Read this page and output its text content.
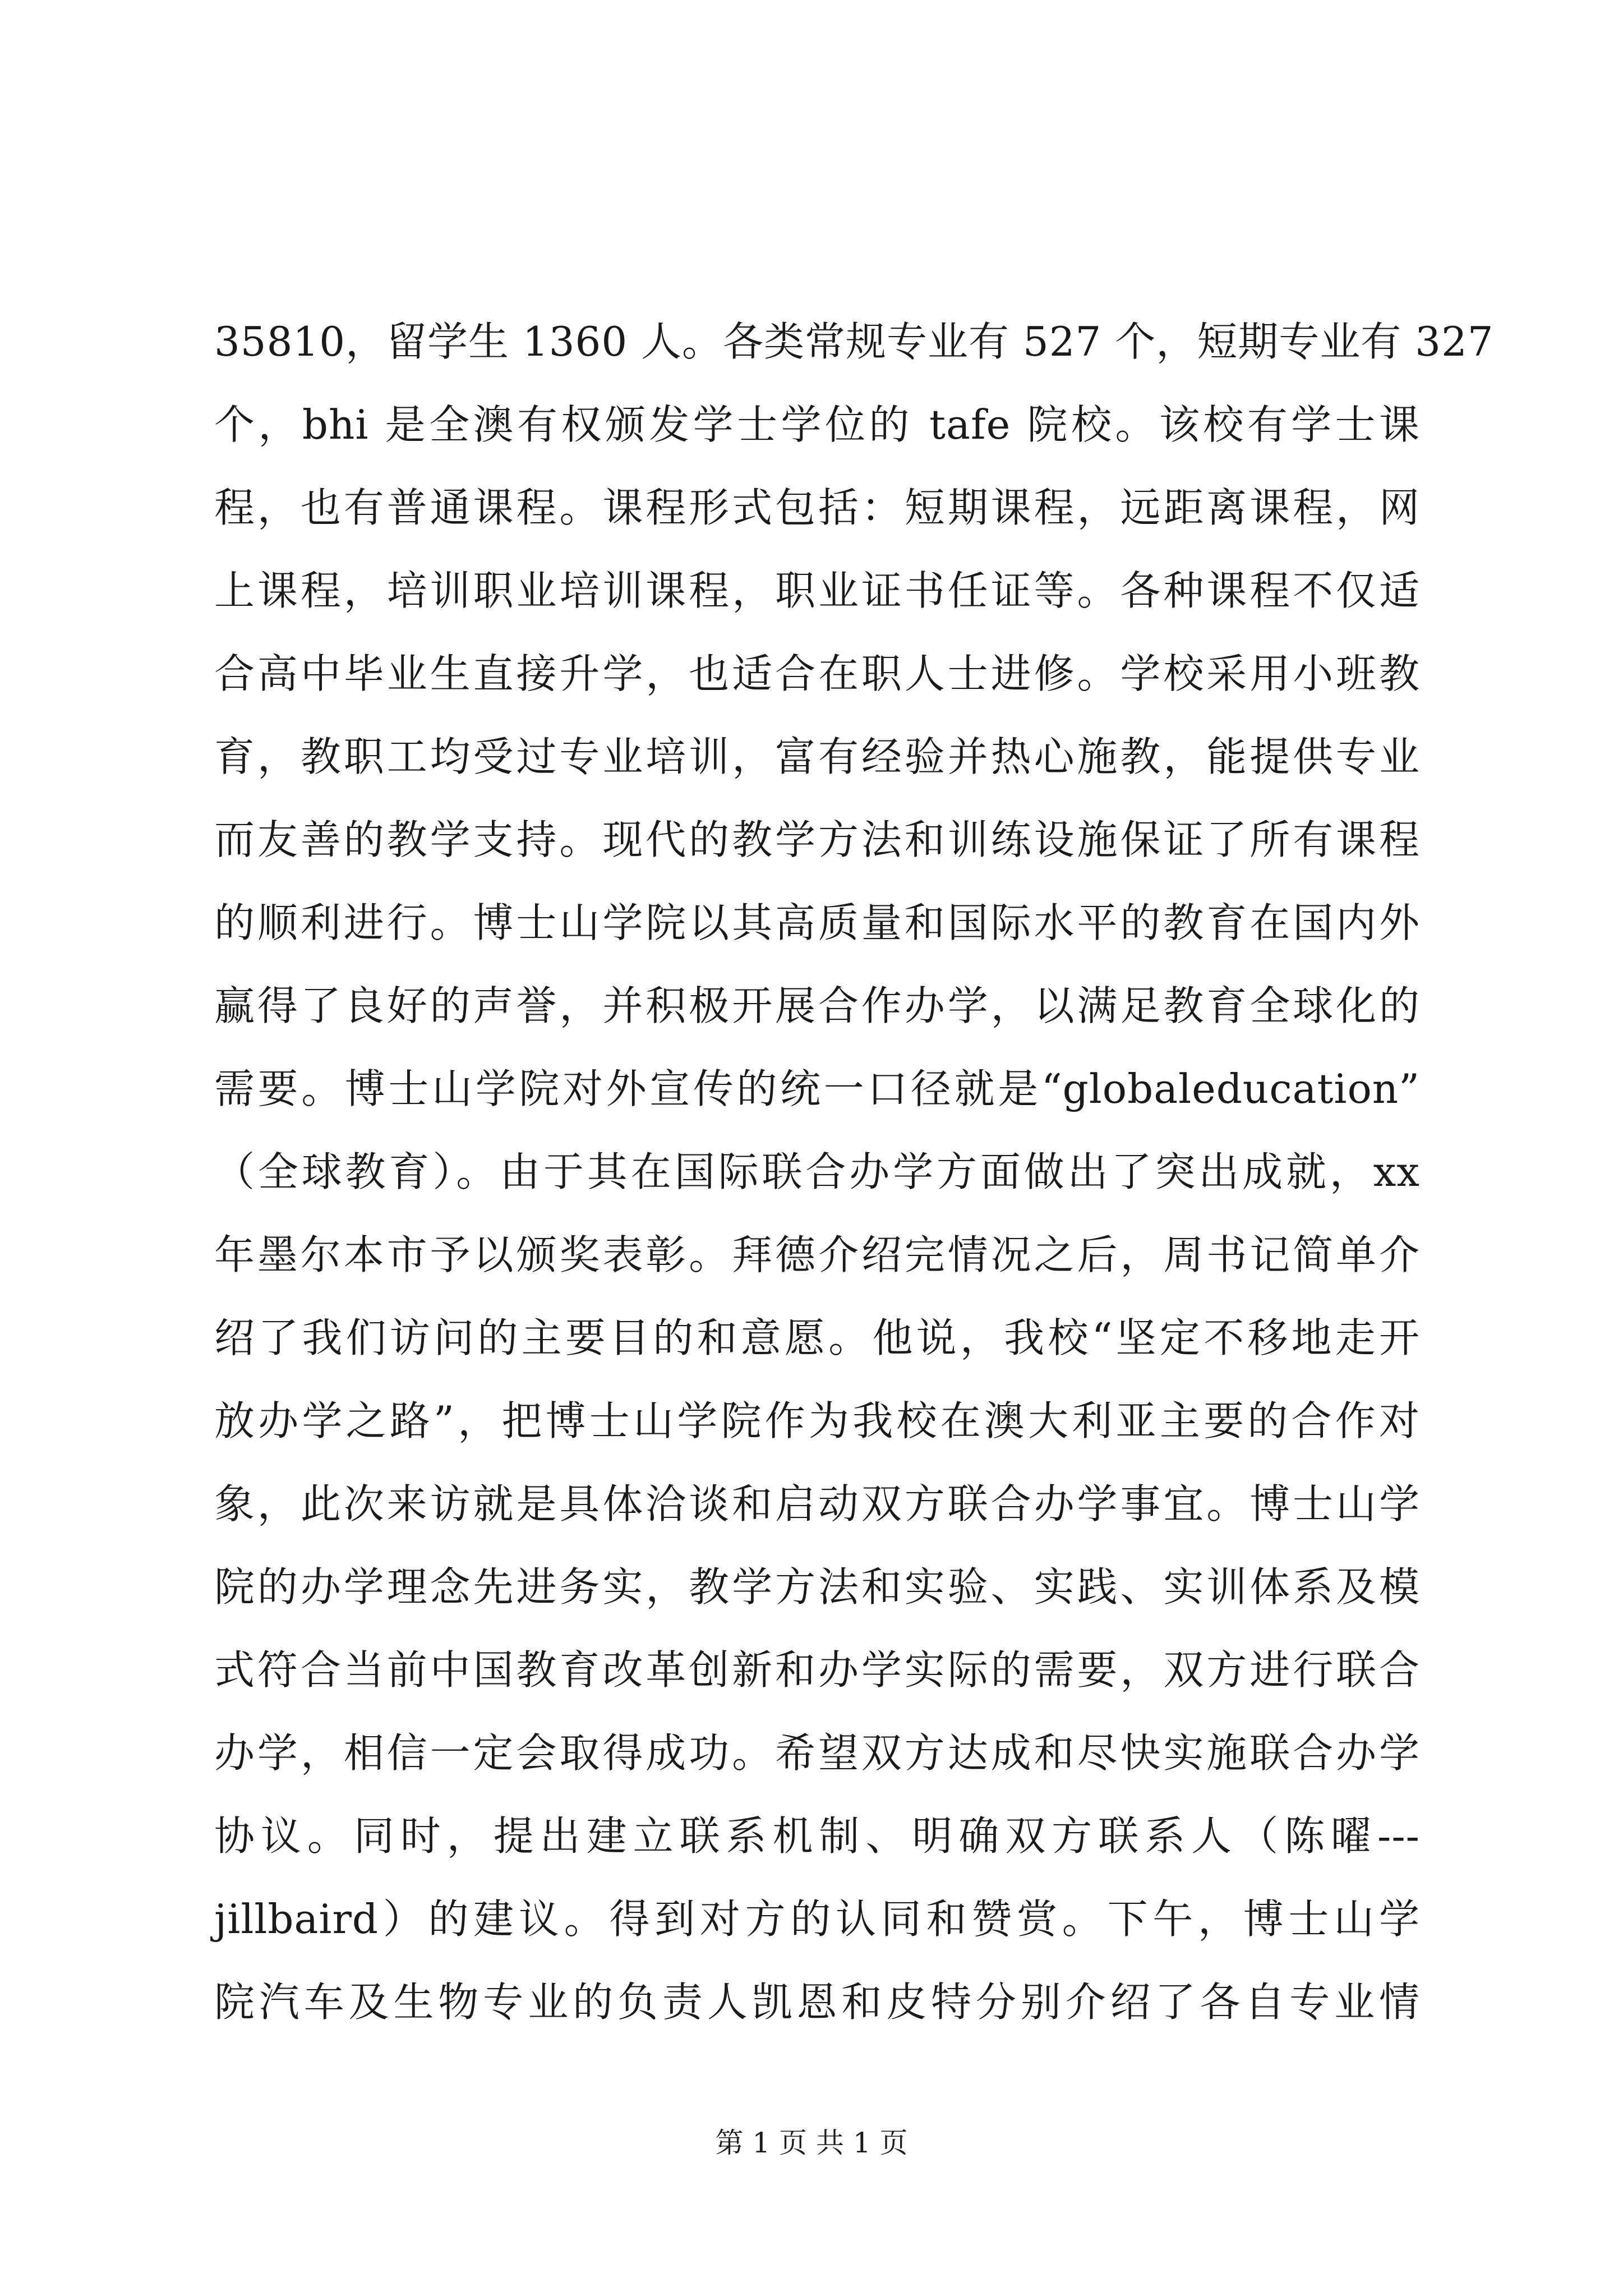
35810，留学生 1360 人。各类常规专业有 527 个，短期专业有 327
个，bhi 是全澳有权颁发学士学位的 tafe 院校。该校有学士课
程，也有普通课程。课程形式包括：短期课程，远距离课程，网
上课程，培训职业培训课程，职业证书任证等。各种课程不仅适
合高中毕业生直接升学，也适合在职人士进修。学校采用小班教
育，教职工均受过专业培训，富有经验并热心施教，能提供专业
而友善的教学支持。现代的教学方法和训练设施保证了所有课程
的顺利进行。博士山学院以其高质量和国际水平的教育在国内外
赢得了良好的声誉，并积极开展合作办学，以满足教育全球化的
需要。博士山学院对外宣传的统一口径就是“globaleducation”
（全球教育）。由于其在国际联合办学方面做出了突出成就，xx
年墨尔本市予以颁奖表彰。拜德介绍完情况之后，周书记简单介
绍了我们访问的主要目的和意愿。他说，我校“坚定不移地走开
放办学之路”，把博士山学院作为我校在澳大利亚主要的合作对
象，此次来访就是具体洽谈和启动双方联合办学事宜。博士山学
院的办学理念先进务实，教学方法和实验、实践、实训体系及模
式符合当前中国教育改革创新和办学实际的需要，双方进行联合
办学，相信一定会取得成功。希望双方达成和尽快实施联合办学
协议。同时，提出建立联系机制、明确双方联系人（陈曜---
jillbaird）的建议。得到对方的认同和赞赏。下午，博士山学
院汽车及生物专业的负责人凯恩和皮特分别介绍了各自专业情
第 1 页 共 1 页
